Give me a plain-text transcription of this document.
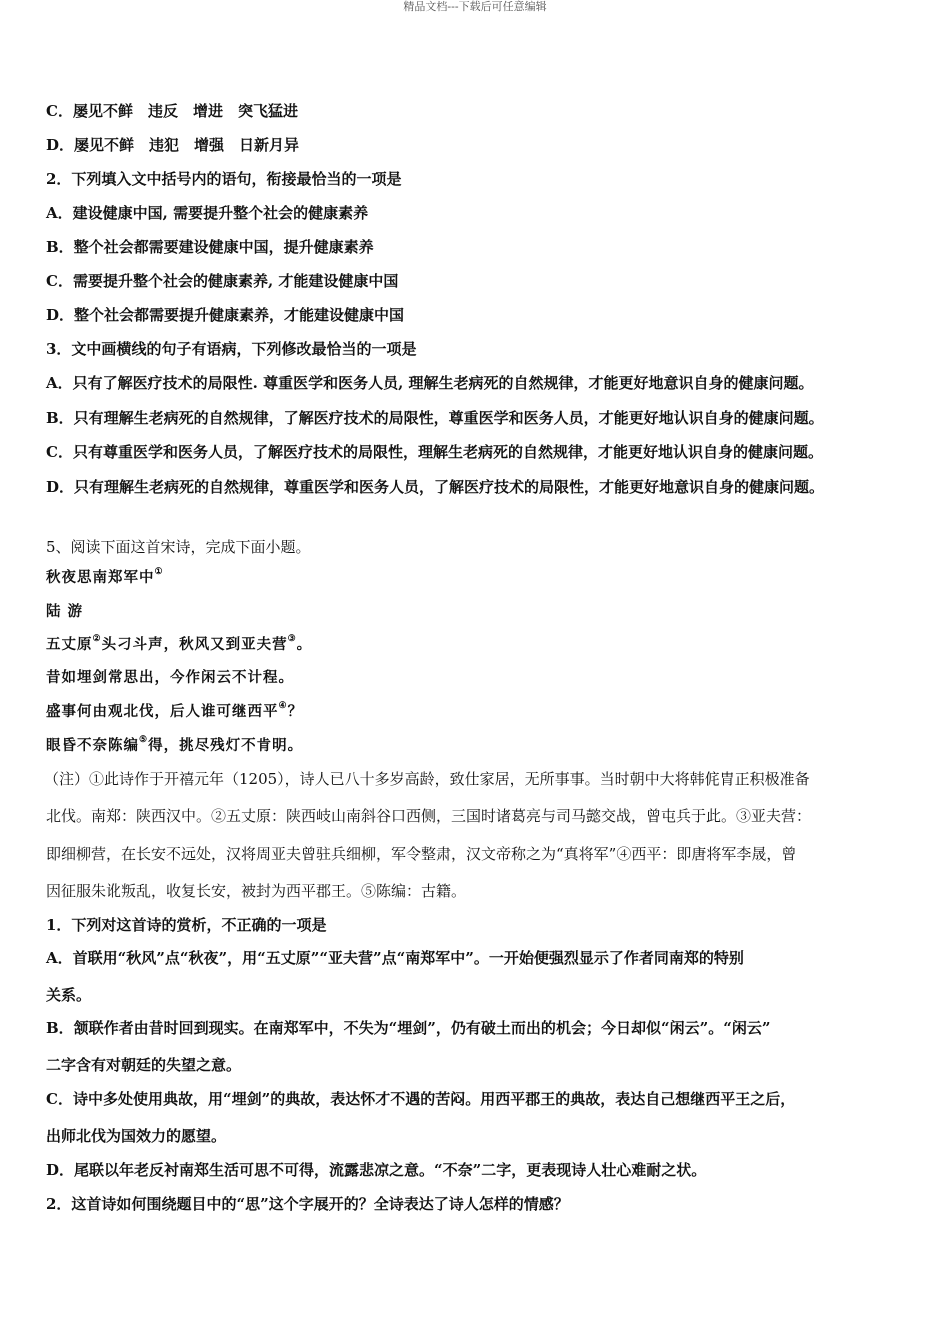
精品文档---下载后可任意编辑
C．屡见不鲜　违反　增进　突飞猛进
D．屡见不鲜　违犯　增强　日新月异
2．下列填入文中括号内的语句，衔接最恰当的一项是
A．建设健康中国, 需要提升整个社会的健康素养
B．整个社会都需要建设健康中国，提升健康素养
C．需要提升整个社会的健康素养, 才能建设健康中国
D．整个社会都需要提升健康素养，才能建设健康中国
3．文中画横线的句子有语病，下列修改最恰当的一项是
A．只有了解医疗技术的局限性. 尊重医学和医务人员, 理解生老病死的自然规律，才能更好地意识自身的健康问题。
B．只有理解生老病死的自然规律，了解医疗技术的局限性，尊重医学和医务人员，才能更好地认识自身的健康问题。
C．只有尊重医学和医务人员，了解医疗技术的局限性，理解生老病死的自然规律，才能更好地认识自身的健康问题。
D．只有理解生老病死的自然规律，尊重医学和医务人员，了解医疗技术的局限性，才能更好地意识自身的健康问题。
5、阅读下面这首宋诗，完成下面小题。
秋夜思南郑军中①
陆 游
五丈原②头刁斗声，秋风又到亚夫营③。
昔如埋剑常思出，今作闲云不计程。
盛事何由观北伐，后人谁可继西平④？
眼昏不奈陈编⑤得，挑尽残灯不肯明。
（注）①此诗作于开禧元年（1205），诗人已八十多岁高龄，致仕家居，无所事事。当时朝中大将韩侂胄正积极准备
北伐。南郑：陕西汉中。②五丈原：陕西岐山南斜谷口西侧，三国时诸葛亮与司马懿交战，曾屯兵于此。③亚夫营：
即细柳营，在长安不远处，汉将周亚夫曾驻兵细柳，军令整肃，汉文帝称之为“真将军”④西平：即唐将军李晟，曾
因征服朱讹叛乱，收复长安，被封为西平郡王。⑤陈编：古籍。
1．下列对这首诗的赏析，不正确的一项是
A．首联用“秋风”点“秋夜”，用“五丈原”“亚夫营”点“南郑军中”。一开始便强烈显示了作者同南郑的特别
关系。
B．颔联作者由昔时回到现实。在南郑军中，不失为“埋剑”，仍有破土而出的机会；今日却似“闲云”。“闲云”
二字含有对朝廷的失望之意。
C．诗中多处使用典故，用“埋剑”的典故，表达怀才不遇的苦闷。用西平郡王的典故，表达自己想继西平王之后，
出师北伐为国效力的愿望。
D．尾联以年老反衬南郑生活可思不可得，流露悲凉之意。“不奈”二字，更表现诗人壮心难耐之状。
2．这首诗如何围绕题目中的“思”这个字展开的？全诗表达了诗人怎样的情感？
